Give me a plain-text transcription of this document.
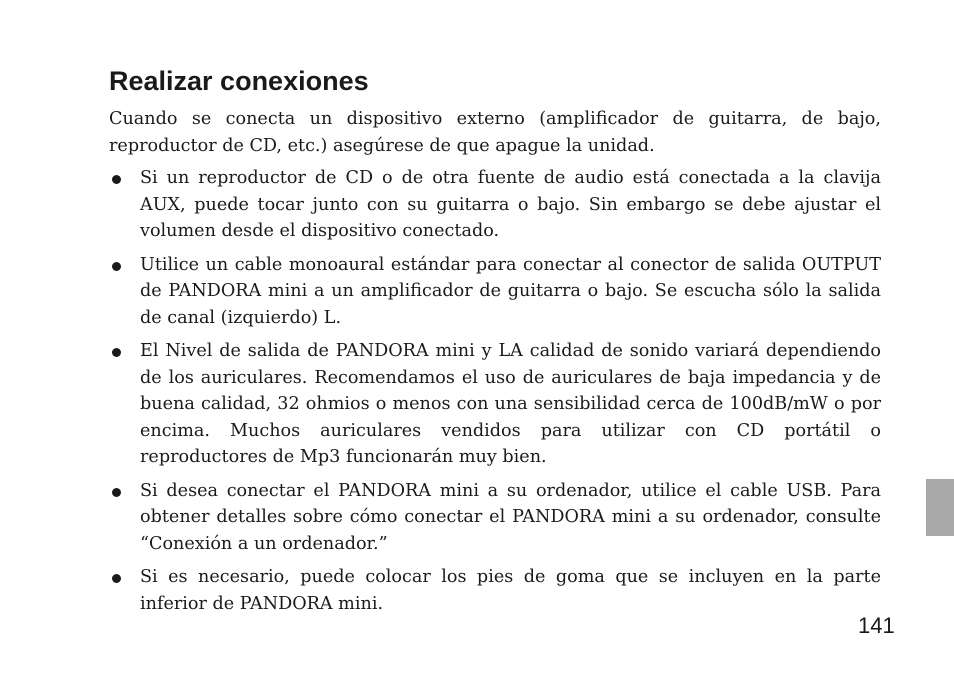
Realizar conexiones

Cuando se conecta un dispositivo externo (amplificador de guitarra, de bajo, reproductor de CD, etc.) asegúrese de que apague la unidad.

Si un reproductor de CD o de otra fuente de audio está conectada a la clavija AUX, puede tocar junto con su guitarra o bajo. Sin embargo se debe ajustar el volumen desde el dispositivo conectado.
Utilice un cable monoaural estándar para conectar al conector de salida OUTPUT de PANDORA mini a un amplificador de guitarra o bajo. Se escucha sólo la salida de canal (izquierdo) L.
El Nivel de salida de PANDORA mini y LA calidad de sonido variará dependiendo de los auriculares. Recomendamos el uso de auriculares de baja impedancia y de buena calidad, 32 ohmios o menos con una sensibilidad cerca de 100dB/mW o por encima. Muchos auriculares vendidos para utilizar con CD portátil o reproductores de Mp3 funcionarán muy bien.
Si desea conectar el PANDORA mini a su ordenador, utilice el cable USB. Para obtener detalles sobre cómo conectar el PANDORA mini a su ordenador, consulte “Conexión a un ordenador.”
Si es necesario, puede colocar los pies de goma que se incluyen en la parte inferior de PANDORA mini.
141
